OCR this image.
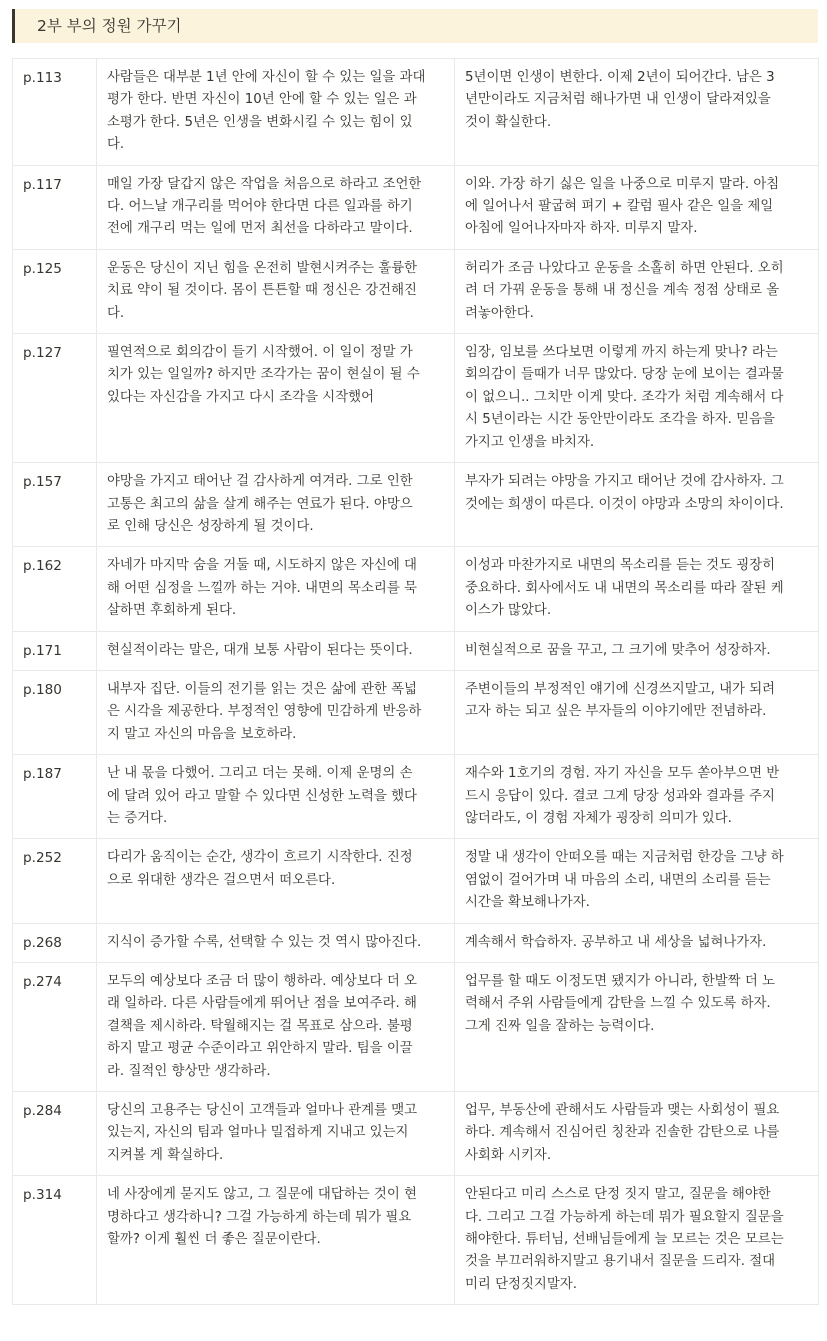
2부 부의 정원 가꾸기
p.113	사람들은 대부분 1년 안에 자신이 할 수 있는 일을 과대
평가 한다. 반면 자신이 10년 안에 할 수 있는 일은 과
소평가 한다. 5년은 인생을 변화시킬 수 있는 힘이 있
다.	5년이면 인생이 변한다. 이제 2년이 되어간다. 남은 3
년만이라도 지금처럼 해나가면 내 인생이 달라져있을
것이 확실한다.
p.117	매일 가장 달갑지 않은 작업을 처음으로 하라고 조언한
다. 어느날 개구리를 먹어야 한다면 다른 일과를 하기
전에 개구리 먹는 일에 먼저 최선을 다하라고 말이다.	이와. 가장 하기 싫은 일을 나중으로 미루지 말라. 아침
에 일어나서 팔굽혀 펴기 + 칼럼 필사 같은 일을 제일
아침에 일어나자마자 하자. 미루지 말자.
p.125	운동은 당신이 지닌 힘을 온전히 발현시켜주는 훌륭한
치료 약이 될 것이다. 몸이 튼튼할 때 정신은 강건해진
다.	허리가 조금 나았다고 운동을 소홀히 하면 안된다. 오히
려 더 가꿔 운동을 통해 내 정신을 계속 정점 상태로 올
려놓아한다.
p.127	필연적으로 회의감이 들기 시작했어. 이 일이 정말 가
치가 있는 일일까? 하지만 조각가는 꿈이 현실이 될 수
있다는 자신감을 가지고 다시 조각을 시작했어	임장, 임보를 쓰다보면 이렇게 까지 하는게 맞나? 라는
회의감이 들때가 너무 많았다. 당장 눈에 보이는 결과물
이 없으니.. 그치만 이게 맞다. 조각가 처럼 계속해서 다
시 5년이라는 시간 동안만이라도 조각을 하자. 믿음을
가지고 인생을 바치자.
p.157	야망을 가지고 태어난 걸 감사하게 여겨라. 그로 인한
고통은 최고의 삶을 살게 해주는 연료가 된다. 야망으
로 인해 당신은 성장하게 될 것이다.	부자가 되려는 야망을 가지고 태어난 것에 감사하자. 그
것에는 희생이 따른다. 이것이 야망과 소망의 차이이다.
p.162	자네가 마지막 숨을 거둘 때, 시도하지 않은 자신에 대
해 어떤 심정을 느낄까 하는 거야. 내면의 목소리를 묵
살하면 후회하게 된다.	이성과 마찬가지로 내면의 목소리를 듣는 것도 굉장히
중요하다. 회사에서도 내 내면의 목소리를 따라 잘된 케
이스가 많았다.
p.171	현실적이라는 말은, 대개 보통 사람이 된다는 뜻이다.	비현실적으로 꿈을 꾸고, 그 크기에 맞추어 성장하자.
p.180	내부자 집단. 이들의 전기를 읽는 것은 삶에 관한 폭넓
은 시각을 제공한다. 부정적인 영향에 민감하게 반응하
지 말고 자신의 마음을 보호하라.	주변이들의 부정적인 얘기에 신경쓰지말고, 내가 되려
고자 하는 되고 싶은 부자들의 이야기에만 전념하라.
p.187	난 내 몫을 다했어. 그리고 더는 못해. 이제 운명의 손
에 달려 있어 라고 말할 수 있다면 신성한 노력을 했다
는 증거다.	재수와 1호기의 경험. 자기 자신을 모두 쏟아부으면 반
드시 응답이 있다. 결코 그게 당장 성과와 결과를 주지
않더라도, 이 경험 자체가 굉장히 의미가 있다.
p.252	다리가 움직이는 순간, 생각이 흐르기 시작한다. 진정
으로 위대한 생각은 걸으면서 떠오른다.	정말 내 생각이 안떠오를 때는 지금처럼 한강을 그냥 하
염없이 걸어가며 내 마음의 소리, 내면의 소리를 듣는
시간을 확보해나가자.
p.268	지식이 증가할 수록, 선택할 수 있는 것 역시 많아진다.	계속해서 학습하자. 공부하고 내 세상을 넓혀나가자.
p.274	모두의 예상보다 조금 더 많이 행하라. 예상보다 더 오
래 일하라. 다른 사람들에게 뛰어난 점을 보여주라. 해
결책을 제시하라. 탁월해지는 걸 목표로 삼으라. 불평
하지 말고 평균 수준이라고 위안하지 말라. 팀을 이끌
라. 질적인 향상만 생각하라.	업무를 할 때도 이정도면 됐지가 아니라, 한발짝 더 노
력해서 주위 사람들에게 감탄을 느낄 수 있도록 하자.
그게 진짜 일을 잘하는 능력이다.
p.284	당신의 고용주는 당신이 고객들과 얼마나 관계를 맺고
있는지, 자신의 팀과 얼마나 밀접하게 지내고 있는지
지켜볼 게 확실하다.	업무, 부동산에 관해서도 사람들과 맺는 사회성이 필요
하다. 계속해서 진심어린 칭찬과 진솔한 감탄으로 나를
사회화 시키자.
p.314	네 사장에게 묻지도 않고, 그 질문에 대답하는 것이 현
명하다고 생각하니? 그걸 가능하게 하는데 뭐가 필요
할까? 이게 훨씬 더 좋은 질문이란다.	안된다고 미리 스스로 단정 짓지 말고, 질문을 해야한
다. 그리고 그걸 가능하게 하는데 뭐가 필요할지 질문을
해야한다. 튜터님, 선배님들에게 늘 모르는 것은 모르는
것을 부끄러워하지말고 용기내서 질문을 드리자. 절대
미리 단정짓지말자.
